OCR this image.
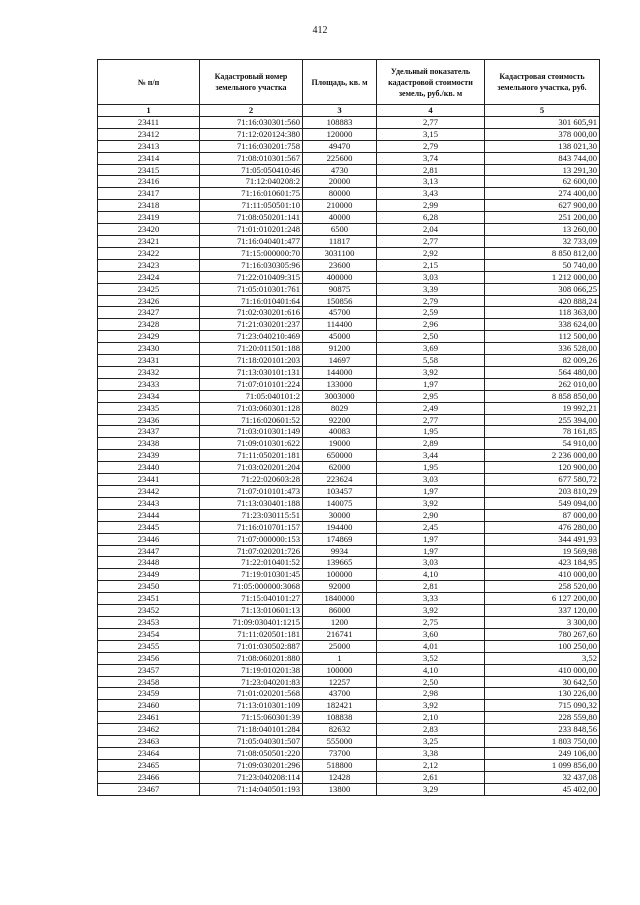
412
№ п/п	Кадастровый номер земельного участка	Площадь, кв. м	Удельный показатель кадастровой стоимости земель, руб./кв. м	Кадастровая стоимость земельного участка, руб.
1	2	3	4	5
23411	71:16:030301:560	108883	2,77	301 605,91
23412	71:12:020124:380	120000	3,15	378 000,00
23413	71:16:030201:758	49470	2,79	138 021,30
23414	71:08:010301:567	225600	3,74	843 744,00
23415	71:05:050410:46	4730	2,81	13 291,30
23416	71:12:040208:2	20000	3,13	62 600,00
23417	71:16:010601:75	80000	3,43	274 400,00
23418	71:11:050501:10	210000	2,99	627 900,00
23419	71:08:050201:141	40000	6,28	251 200,00
23420	71:01:010201:248	6500	2,04	13 260,00
23421	71:16:040401:477	11817	2,77	32 733,09
23422	71:15:000000:70	3031100	2,92	8 850 812,00
23423	71:16:030305:96	23600	2,15	50 740,00
23424	71:22:010409:315	400000	3,03	1 212 000,00
23425	71:05:010301:761	90875	3,39	308 066,25
23426	71:16:010401:64	150856	2,79	420 888,24
23427	71:02:030201:616	45700	2,59	118 363,00
23428	71:21:030201:237	114400	2,96	338 624,00
23429	71:23:040210:469	45000	2,50	112 500,00
23430	71:20:011501:188	91200	3,69	336 528,00
23431	71:18:020101:203	14697	5,58	82 009,26
23432	71:13:030101:131	144000	3,92	564 480,00
23433	71:07:010101:224	133000	1,97	262 010,00
23434	71:05:040101:2	3003000	2,95	8 858 850,00
23435	71:03:060301:128	8029	2,49	19 992,21
23436	71:16:020601:52	92200	2,77	255 394,00
23437	71:03:010301:149	40083	1,95	78 161,85
23438	71:09:010301:622	19000	2,89	54 910,00
23439	71:11:050201:181	650000	3,44	2 236 000,00
23440	71:03:020201:204	62000	1,95	120 900,00
23441	71:22:020603:28	223624	3,03	677 580,72
23442	71:07:010101:473	103457	1,97	203 810,29
23443	71:13:030401:188	140075	3,92	549 094,00
23444	71:23:030115:51	30000	2,90	87 000,00
23445	71:16:010701:157	194400	2,45	476 280,00
23446	71:07:000000:153	174869	1,97	344 491,93
23447	71:07:020201:726	9934	1,97	19 569,98
23448	71:22:010401:52	139665	3,03	423 184,95
23449	71:19:010301:45	100000	4,10	410 000,00
23450	71:05:000000:3068	92000	2,81	258 520,00
23451	71:15:040101:27	1840000	3,33	6 127 200,00
23452	71:13:010601:13	86000	3,92	337 120,00
23453	71:09:030401:1215	1200	2,75	3 300,00
23454	71:11:020501:181	216741	3,60	780 267,60
23455	71:01:030502:887	25000	4,01	100 250,00
23456	71:08:060201:880	1	3,52	3,52
23457	71:19:010201:38	100000	4,10	410 000,00
23458	71:23:040201:83	12257	2,50	30 642,50
23459	71:01:020201:568	43700	2,98	130 226,00
23460	71:13:010301:109	182421	3,92	715 090,32
23461	71:15:060301:39	108838	2,10	228 559,80
23462	71:18:040101:284	82632	2,83	233 848,56
23463	71:05:040301:507	555000	3,25	1 803 750,00
23464	71:08:050501:220	73700	3,38	249 106,00
23465	71:09:030201:296	518800	2,12	1 099 856,00
23466	71:23:040208:114	12428	2,61	32 437,08
23467	71:14:040501:193	13800	3,29	45 402,00
